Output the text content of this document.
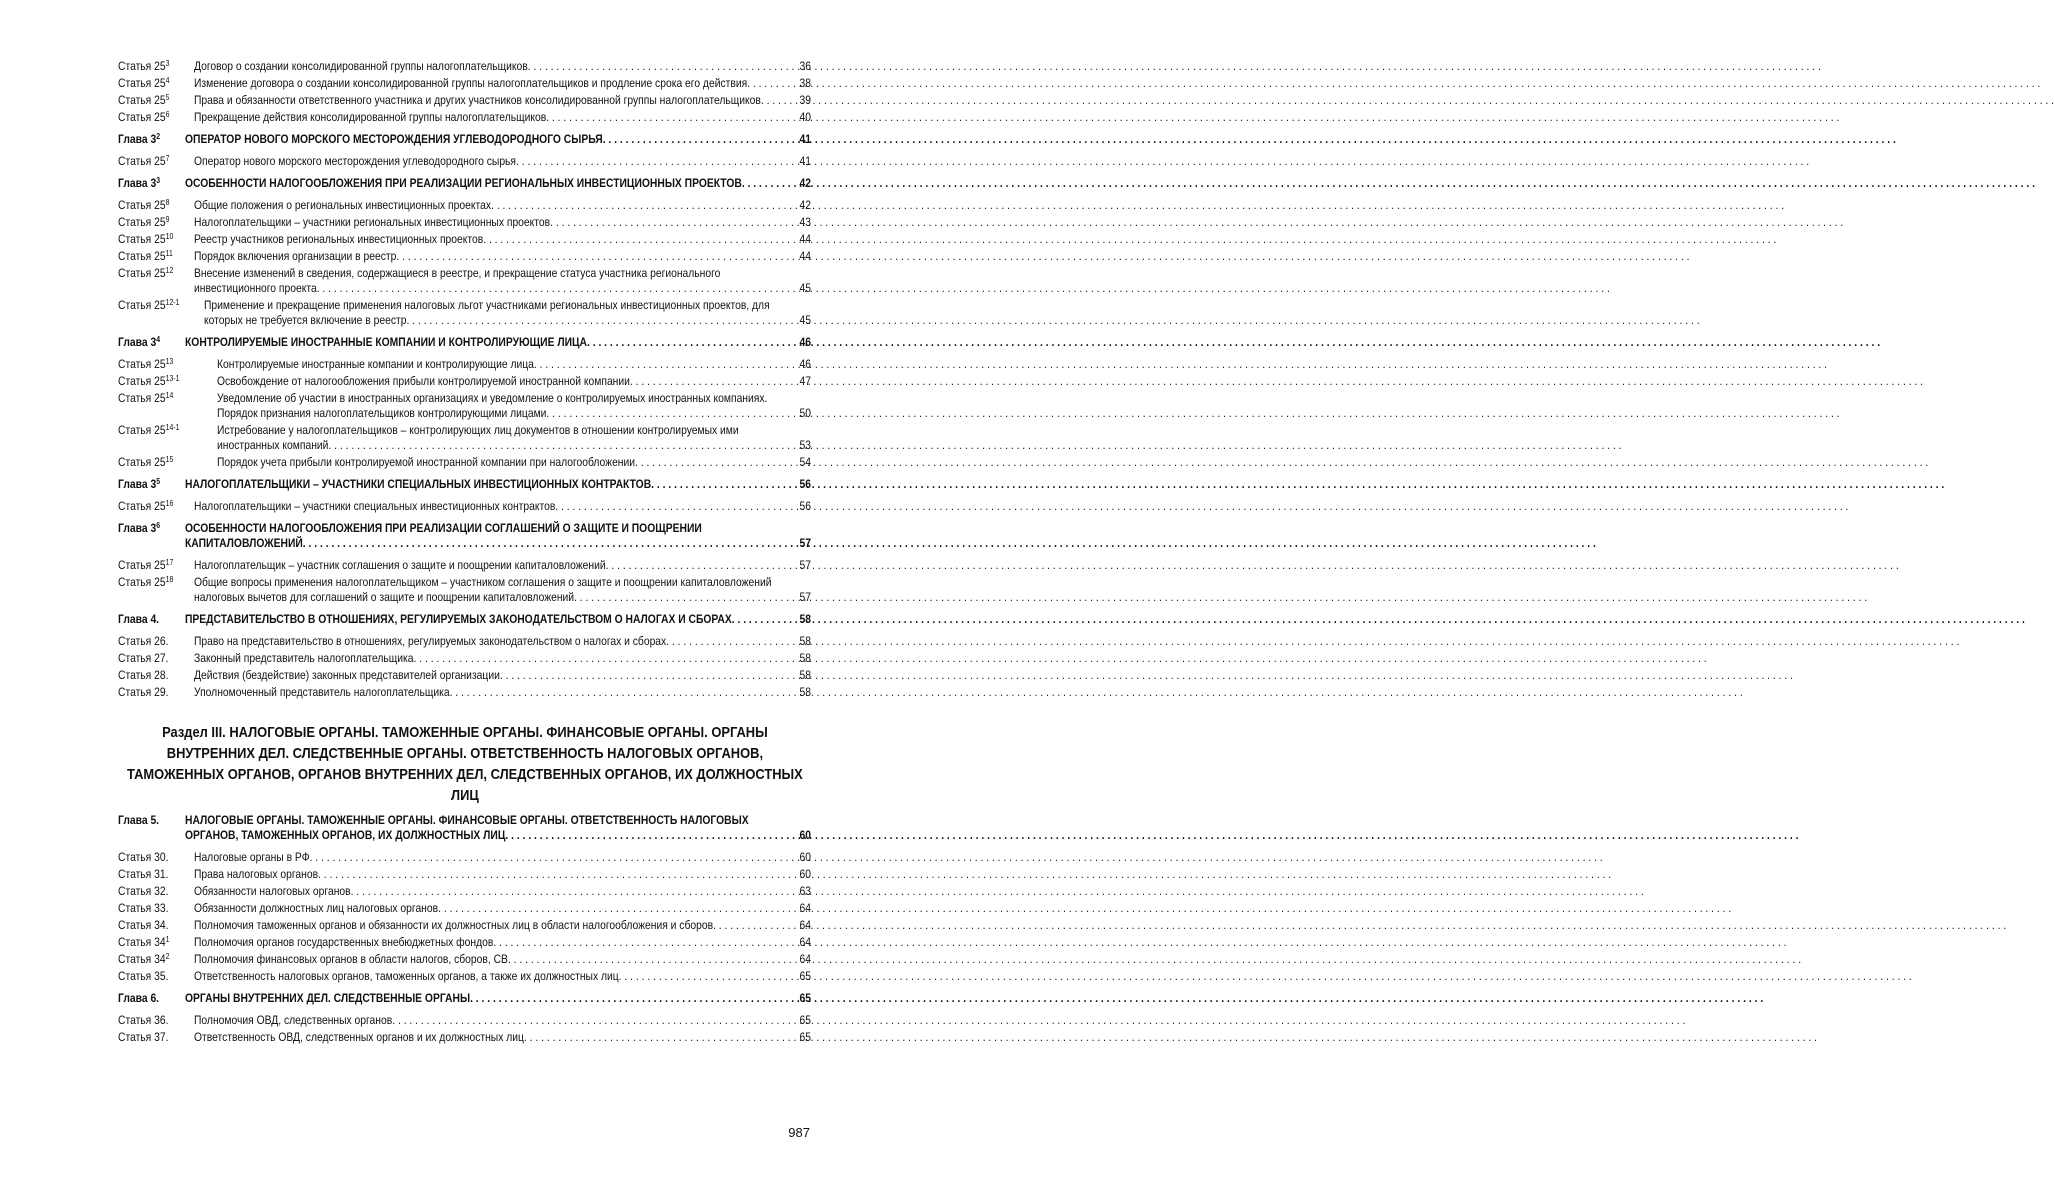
Статья $25^3$	Договор о создании консолидированной группы налогоплательщиков . . .	36
Статья $25^4$	Изменение договора о создании консолидированной группы налогоплательщиков и продление срока его действия . . .	38
Статья $25^5$	Права и обязанности ответственного участника и других участников консолидированной группы налогоплательщиков . . .	39
Статья $25^6$	Прекращение действия консолидированной группы налогоплательщиков . . .	40
Глава $3^2$	ОПЕРАТОР НОВОГО МОРСКОГО МЕСТОРОЖДЕНИЯ УГЛЕВОДОРОДНОГО СЫРЬЯ . . .	41
Статья $25^7$	Оператор нового морского месторождения углеводородного сырья . . .	41
Глава $3^3$	ОСОБЕННОСТИ НАЛОГООБЛОЖЕНИЯ ПРИ РЕАЛИЗАЦИИ РЕГИОНАЛЬНЫХ ИНВЕСТИЦИОННЫХ ПРОЕКТОВ . . .	42
Статья $25^8$	Общие положения о региональных инвестиционных проектах . . .	42
Статья $25^9$	Налогоплательщики – участники региональных инвестиционных проектов . . .	43
Статья $25^{10}$	Реестр участников региональных инвестиционных проектов . . .	44
Статья $25^{11}$	Порядок включения организации в реестр . . .	44
Статья $25^{12}$	Внесение изменений в сведения, содержащиеся в реестре, и прекращение статуса участника регионального
инвестиционного проекта . . .	45
Статья 25$^{12-1}$	Применение и прекращение применения налоговых льгот участниками региональных инвестиционных проектов, для
которых не требуется включение в реестр . . .	45
Глава $3^4$	КОНТРОЛИРУЕМЫЕ ИНОСТРАННЫЕ КОМПАНИИ И КОНТРОЛИРУЮЩИЕ ЛИЦА . . .	46
Статья $25^{13}$	Контролируемые иностранные компании и контролирующие лица . . .	46
Статья 25$^{13-1}$	Освобождение от налогообложения прибыли контролируемой иностранной компании . . .	47
Статья $25^{14}$	Уведомление об участии в иностранных организациях и уведомление о контролируемых иностранных компаниях.
Порядок признания налогоплательщиков контролирующими лицами . . .	50
Статья 25$^{14-1}$	Истребование у налогоплательщиков – контролирующих лиц документов в отношении контролируемых ими
иностранных компаний . . .	53
Статья $25^{15}$	Порядок учета прибыли контролируемой иностранной компании при налогообложении . . .	54
Глава $3^5$	НАЛОГОПЛАТЕЛЬЩИКИ – УЧАСТНИКИ СПЕЦИАЛЬНЫХ ИНВЕСТИЦИОННЫХ КОНТРАКТОВ . . .	56
Статья $25^{16}$	Налогоплательщики – участники специальных инвестиционных контрактов . . .	56
Глава $3^6$	ОСОБЕННОСТИ НАЛОГООБЛОЖЕНИЯ ПРИ РЕАЛИЗАЦИИ СОГЛАШЕНИЙ О ЗАЩИТЕ И ПООЩРЕНИИ
КАПИТАЛОВЛОЖЕНИЙ . . .	57
Статья $25^{17}$	Налогоплательщик – участник соглашения о защите и поощрении капиталовложений . . .	57
Статья $25^{18}$	Общие вопросы применения налогоплательщиком – участником соглашения о защите и поощрении капиталовложений
налоговых вычетов для соглашений о защите и поощрении капиталовложений . . .	57
Глава 4.	ПРЕДСТАВИТЕЛЬСТВО В ОТНОШЕНИЯХ, РЕГУЛИРУЕМЫХ ЗАКОНОДАТЕЛЬСТВОМ О НАЛОГАХ И СБОРАХ . . .	58
Статья 26.	Право на представительство в отношениях, регулируемых законодательством о налогах и сборах . . .	58
Статья 27.	Законный представитель налогоплательщика . . .	58
Статья 28.	Действия (бездействие) законных представителей организации . . .	58
Статья 29.	Уполномоченный представитель налогоплательщика . . .	58
Раздел III. НАЛОГОВЫЕ ОРГАНЫ. ТАМОЖЕННЫЕ ОРГАНЫ. ФИНАНСОВЫЕ ОРГАНЫ. ОРГАНЫ ВНУТРЕННИХ ДЕЛ. СЛЕДСТВЕННЫЕ ОРГАНЫ. ОТВЕТСТВЕННОСТЬ НАЛОГОВЫХ ОРГАНОВ, ТАМОЖЕННЫХ ОРГАНОВ, ОРГАНОВ ВНУТРЕННИХ ДЕЛ, СЛЕДСТВЕННЫХ ОРГАНОВ, ИХ ДОЛЖНОСТНЫХ ЛИЦ
Глава 5.	НАЛОГОВЫЕ ОРГАНЫ. ТАМОЖЕННЫЕ ОРГАНЫ. ФИНАНСОВЫЕ ОРГАНЫ. ОТВЕТСТВЕННОСТЬ НАЛОГОВЫХ
ОРГАНОВ, ТАМОЖЕННЫХ ОРГАНОВ, ИХ ДОЛЖНОСТНЫХ ЛИЦ . . .	60
Статья 30.	Налоговые органы в РФ . . .	60
Статья 31.	Права налоговых органов . . .	60
Статья 32.	Обязанности налоговых органов . . .	63
Статья 33.	Обязанности должностных лиц налоговых органов . . .	64
Статья 34.	Полномочия таможенных органов и обязанности их должностных лиц в области налогообложения и сборов . . .	64
Статья $34^1$	Полномочия органов государственных внебюджетных фондов . . .	64
Статья $34^2$	Полномочия финансовых органов в области налогов, сборов, СВ . . .	64
Статья 35.	Ответственность налоговых органов, таможенных органов, а также их должностных лиц . . .	65
Глава 6.	ОРГАНЫ ВНУТРЕННИХ ДЕЛ. СЛЕДСТВЕННЫЕ ОРГАНЫ . . .	65
Статья 36.	Полномочия ОВД, следственных органов . . .	65
Статья 37.	Ответственность ОВД, следственных органов и их должностных лиц . . .	65
987
